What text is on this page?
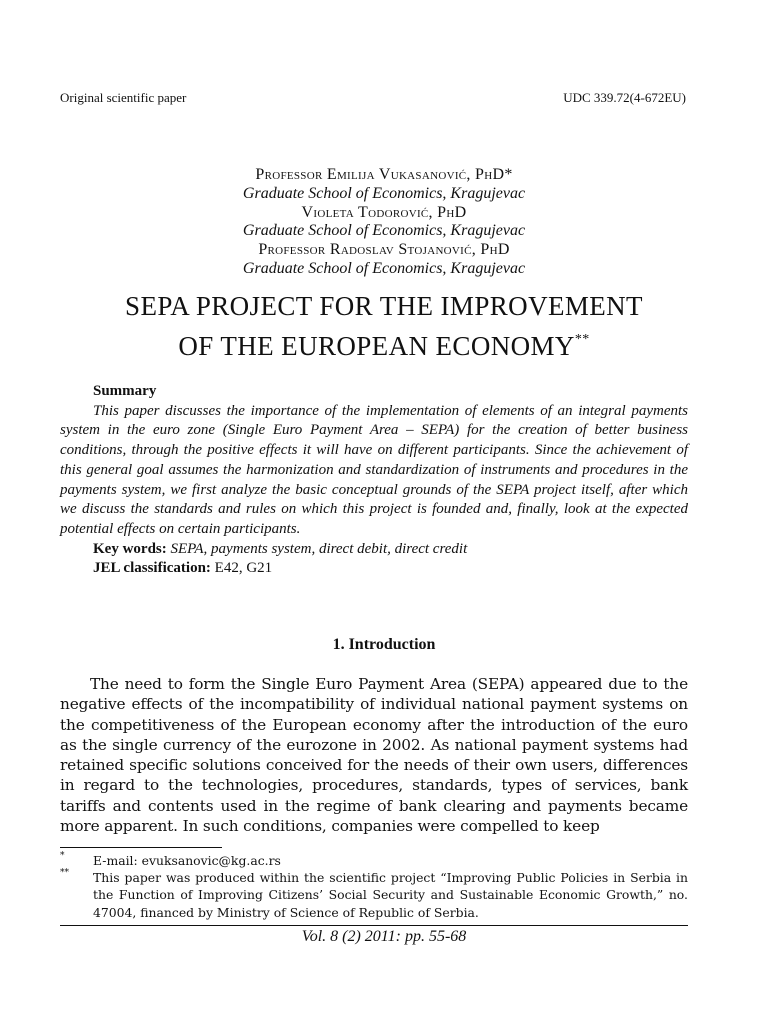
Original scientific paper	UDC 339.72(4-672EU)
Professor Emilija Vukasanović, PhD*
Graduate School of Economics, Kragujevac
Violeta Todorović, PhD
Graduate School of Economics, Kragujevac
Professor Radoslav Stojanović, PhD
Graduate School of Economics, Kragujevac
SEPA PROJECT FOR THE IMPROVEMENT
OF THE EUROPEAN ECONOMY**
Summary
This paper discusses the importance of the implementation of elements of an integral payments system in the euro zone (Single Euro Payment Area – SEPA) for the creation of better business conditions, through the positive effects it will have on different participants. Since the achievement of this general goal assumes the harmonization and standardization of instruments and procedures in the payments system, we first analyze the basic conceptual grounds of the SEPA project itself, after which we discuss the standards and rules on which this project is founded and, finally, look at the expected potential effects on certain participants.
Key words: SEPA, payments system, direct debit, direct credit
JEL classification: E42, G21
1. Introduction
The need to form the Single Euro Payment Area (SEPA) appeared due to the negative effects of the incompatibility of individual national payment systems on the competitiveness of the European economy after the introduction of the euro as the single currency of the eurozone in 2002. As national payment systems had retained specific solutions conceived for the needs of their own users, differences in regard to the technologies, procedures, standards, types of services, bank tariffs and contents used in the regime of bank clearing and payments became more apparent. In such conditions, companies were compelled to keep
* E-mail: evuksanovic@kg.ac.rs
** This paper was produced within the scientific project “Improving Public Policies in Serbia in the Function of Improving Citizens’ Social Security and Sustainable Economic Growth,” no. 47004, financed by Ministry of Science of Republic of Serbia.
Vol. 8 (2) 2011: pp. 55-68
